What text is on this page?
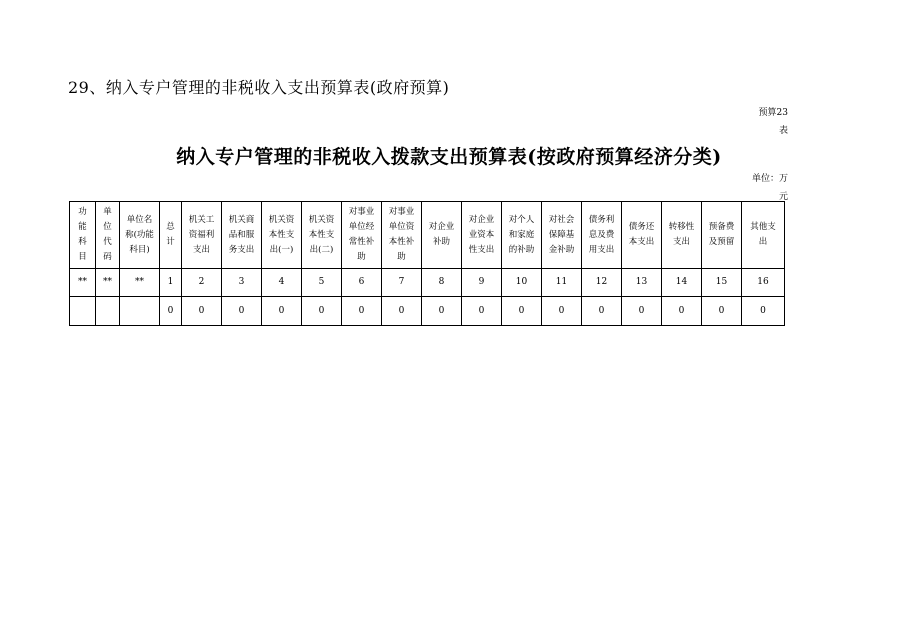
29、纳入专户管理的非税收入支出预算表(政府预算)
预算23
表
纳入专户管理的非税收入拨款支出预算表(按政府预算经济分类)
单位：万
元
功能科目	单位代码	单位名称(功能科目)	总计	机关工资福利支出	机关商品和服务支出	机关资本性支出(一)	机关资本性支出(二)	对事业单位经常性补助	对事业单位资本性补助	对企业补助	对企业业资本性支出	对个人和家庭的补助	对社会保障基金补助	债务利息及费用支出	债务还本支出	转移性支出	预备费及预留	其他支出

**	**	**	1	2	3	4	5	6	7	8	9	10	11	12	13	14	15	16
			0	0	0	0	0	0	0	0	0	0	0	0	0	0	0	0
